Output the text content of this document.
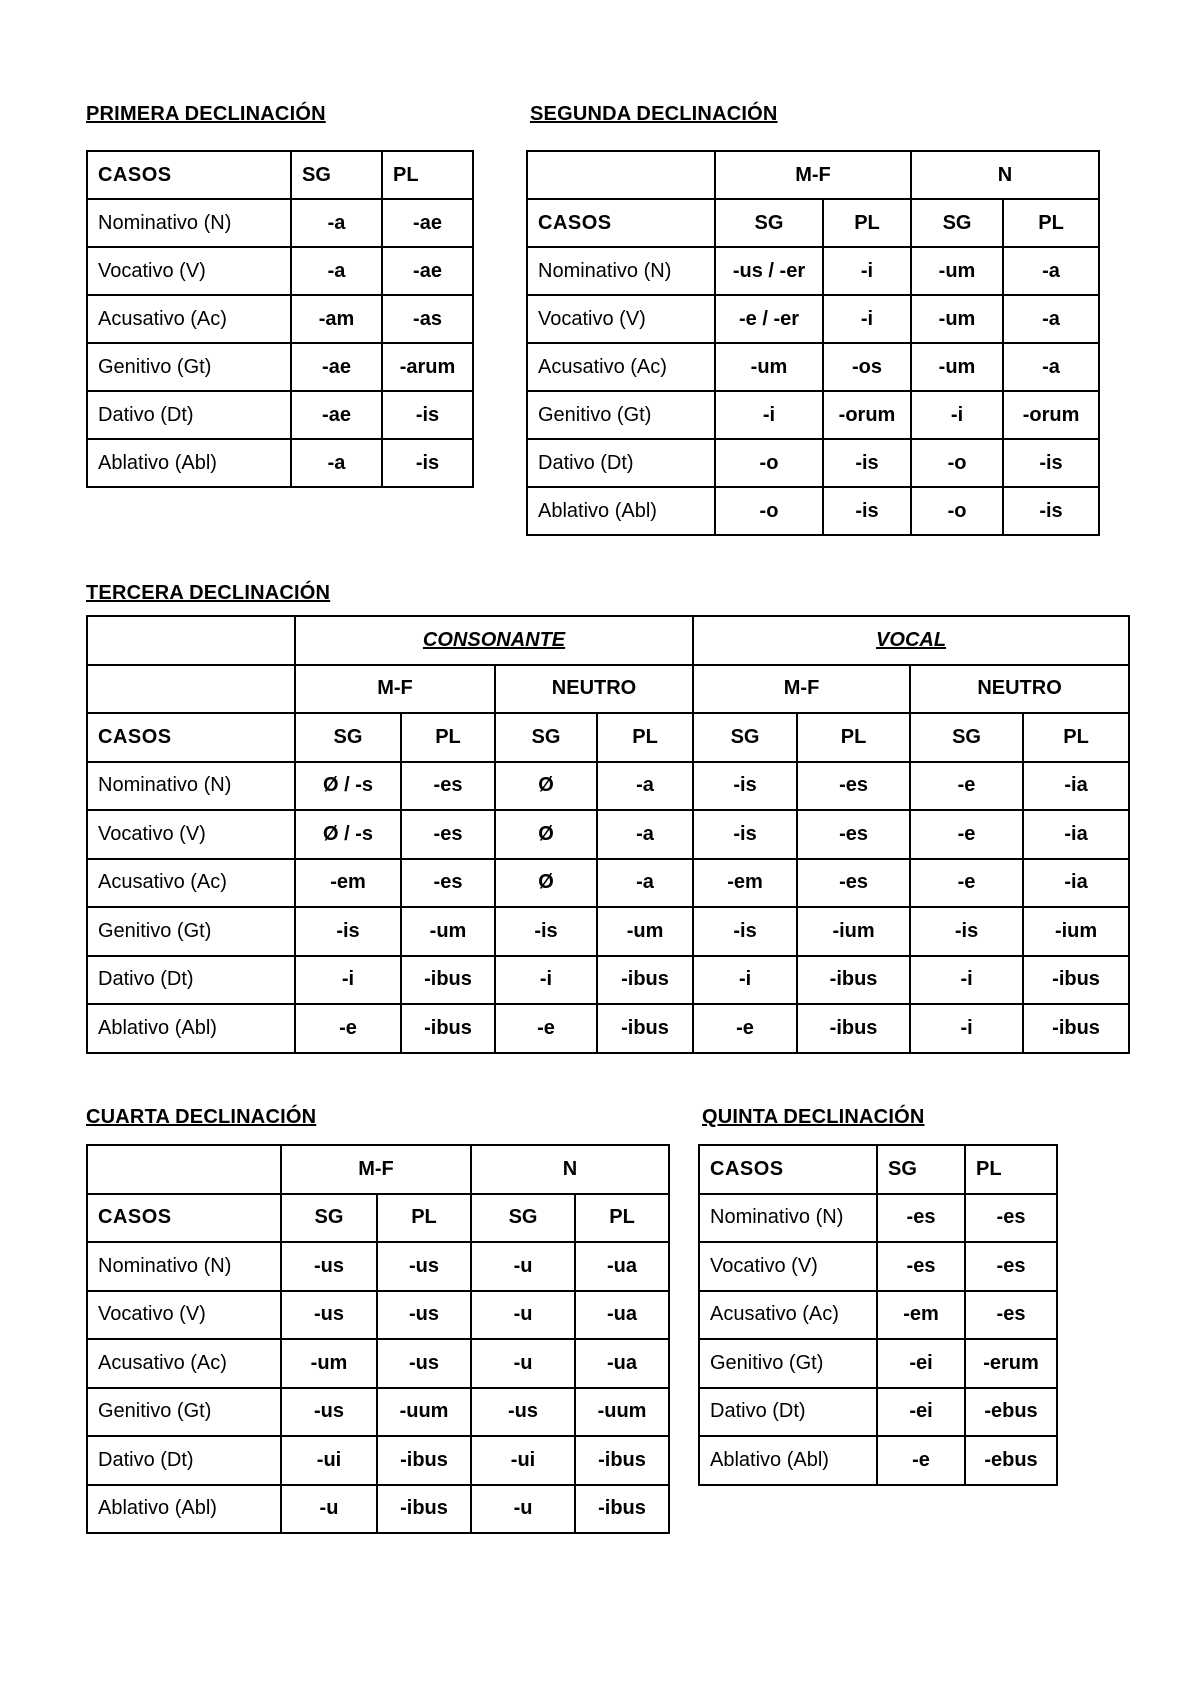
PRIMERA DECLINACIÓN
CASOS	SG	PL
Nominativo (N)	-a	-ae
Vocativo (V)	-a	-ae
Acusativo (Ac)	-am	-as
Genitivo (Gt)	-ae	-arum
Dativo (Dt)	-ae	-is
Ablativo (Abl)	-a	-is
SEGUNDA DECLINACIÓN
	M-F		N	
CASOS	SG	PL	SG	PL
Nominativo (N)	-us / -er	-i	-um	-a
Vocativo (V)	-e / -er	-i	-um	-a
Acusativo (Ac)	-um	-os	-um	-a
Genitivo (Gt)	-i	-orum	-i	-orum
Dativo (Dt)	-o	-is	-o	-is
Ablativo (Abl)	-o	-is	-o	-is
TERCERA DECLINACIÓN
	CONSONANTE				VOCAL			
	M-F		NEUTRO		M-F		NEUTRO	
CASOS	SG	PL	SG	PL	SG	PL	SG	PL
Nominativo (N)	Ø / -s	-es	Ø	-a	-is	-es	-e	-ia
Vocativo (V)	Ø / -s	-es	Ø	-a	-is	-es	-e	-ia
Acusativo (Ac)	-em	-es	Ø	-a	-em	-es	-e	-ia
Genitivo (Gt)	-is	-um	-is	-um	-is	-ium	-is	-ium
Dativo (Dt)	-i	-ibus	-i	-ibus	-i	-ibus	-i	-ibus
Ablativo (Abl)	-e	-ibus	-e	-ibus	-e	-ibus	-i	-ibus
CUARTA DECLINACIÓN
	M-F		N	
CASOS	SG	PL	SG	PL
Nominativo (N)	-us	-us	-u	-ua
Vocativo (V)	-us	-us	-u	-ua
Acusativo (Ac)	-um	-us	-u	-ua
Genitivo (Gt)	-us	-uum	-us	-uum
Dativo (Dt)	-ui	-ibus	-ui	-ibus
Ablativo (Abl)	-u	-ibus	-u	-ibus
QUINTA DECLINACIÓN
CASOS	SG	PL
Nominativo (N)	-es	-es
Vocativo (V)	-es	-es
Acusativo (Ac)	-em	-es
Genitivo (Gt)	-ei	-erum
Dativo (Dt)	-ei	-ebus
Ablativo (Abl)	-e	-ebus
